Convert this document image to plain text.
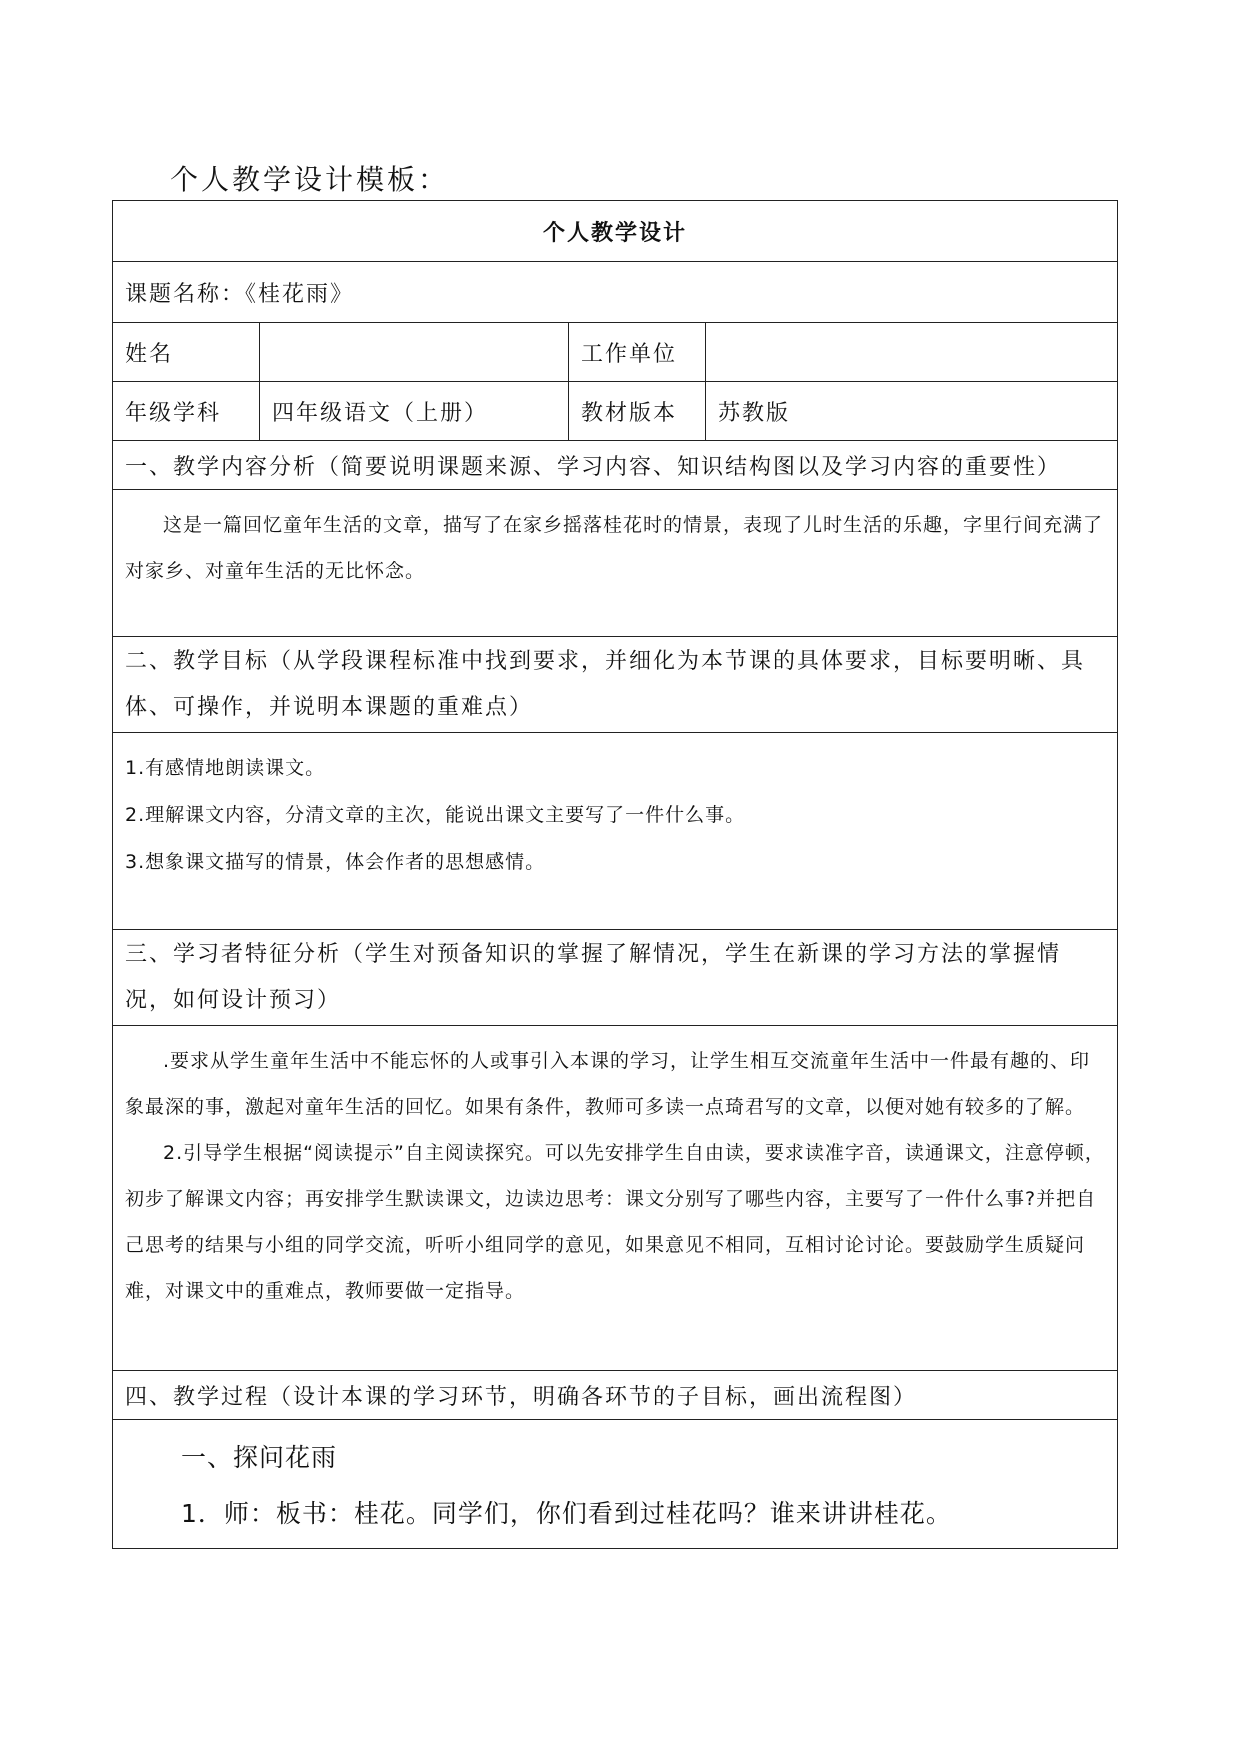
个人教学设计模板：
个人教学设计			
课题名称：《桂花雨》			
姓名		工作单位	
年级学科	四年级语文（上册）	教材版本	苏教版
一、教学内容分析（简要说明课题来源、学习内容、知识结构图以及学习内容的重要性）			

这是一篇回忆童年生活的文章，描写了在家乡摇落桂花时的情景，表现了儿时生活的乐趣，字里行间充满了对家乡、对童年生活的无比怀念。			

二、教学目标（从学段课程标准中找到要求，并细化为本节课的具体要求，目标要明晰、具体、可操作，并说明本课题的重难点）			

1.有感情地朗读课文。

2.理解课文内容，分清文章的主次，能说出课文主要写了一件什么事。

3.想象课文描写的情景，体会作者的思想感情。			

三、学习者特征分析（学生对预备知识的掌握了解情况，学生在新课的学习方法的掌握情况，如何设计预习）			

.要求从学生童年生活中不能忘怀的人或事引入本课的学习，让学生相互交流童年生活中一件最有趣的、印象最深的事，激起对童年生活的回忆。如果有条件，教师可多读一点琦君写的文章，以便对她有较多的了解。

2.引导学生根据“阅读提示”自主阅读探究。可以先安排学生自由读，要求读准字音，读通课文，注意停顿，初步了解课文内容；再安排学生默读课文，边读边思考：课文分别写了哪些内容，主要写了一件什么事?并把自己思考的结果与小组的同学交流，听听小组同学的意见，如果意见不相同，互相讨论讨论。要鼓励学生质疑问难，对课文中的重难点，教师要做一定指导。			

四、教学过程（设计本课的学习环节，明确各环节的子目标，画出流程图）			

一、探问花雨

1．师：板书：桂花。同学们，你们看到过桂花吗？谁来讲讲桂花。			
